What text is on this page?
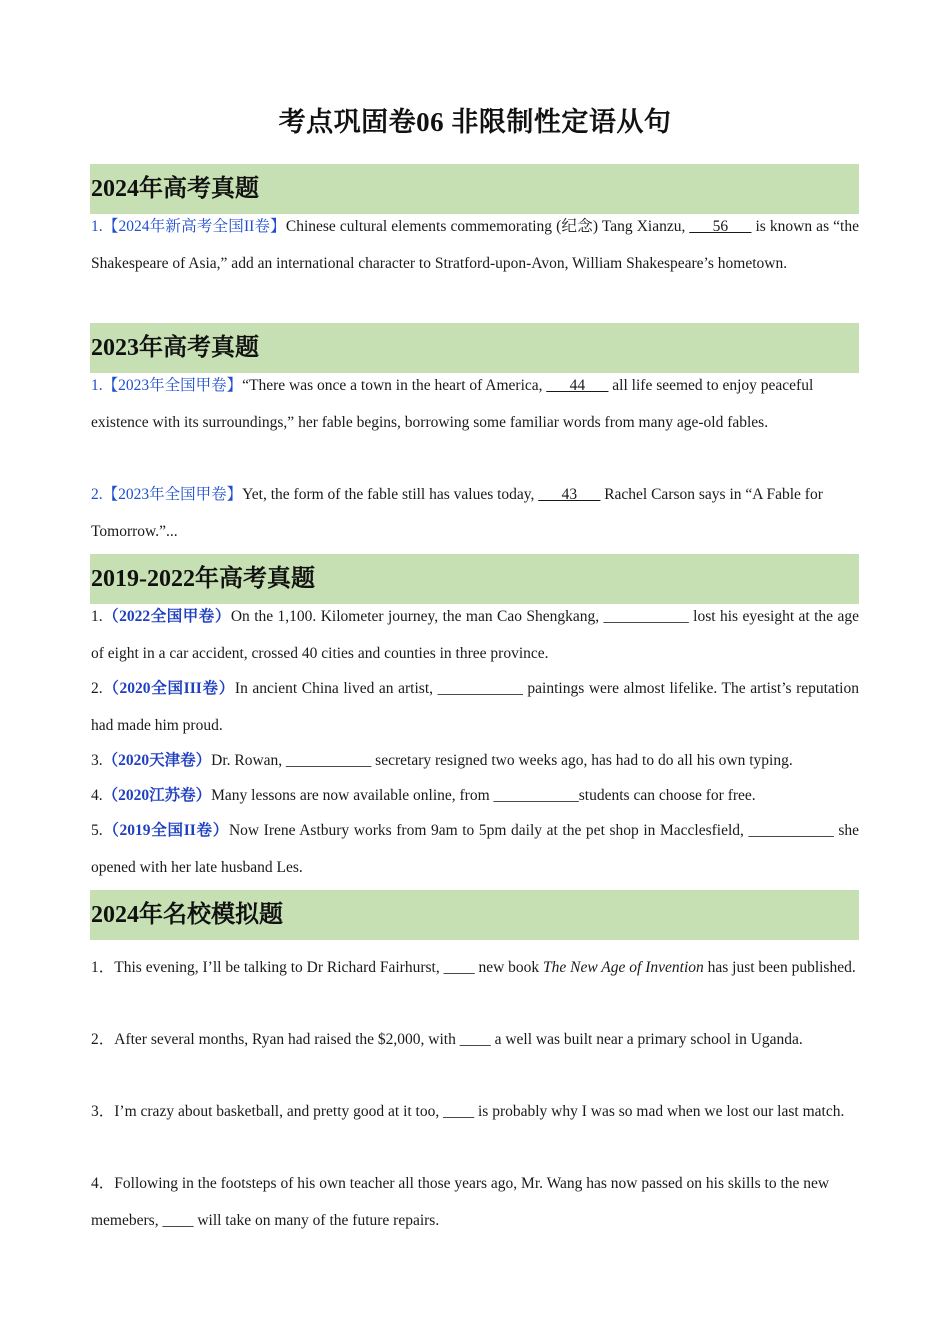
考点巩固卷06 非限制性定语从句
2024年高考真题
1.【2024年新高考全国II卷】Chinese cultural elements commemorating (纪念) Tang Xianzu, ___56___ is known as “the Shakespeare of Asia,” add an international character to Stratford-upon-Avon, William Shakespeare’s hometown.
2023年高考真题
1.【2023年全国甲卷】“There was once a town in the heart of America, ___44___ all life seemed to enjoy peaceful existence with its surroundings,” her fable begins, borrowing some familiar words from many age-old fables.
2.【2023年全国甲卷】Yet, the form of the fable still has values today, ___43___ Rachel Carson says in “A Fable for Tomorrow.”...
2019-2022年高考真题
1.（2022全国甲卷）On the 1,100. Kilometer journey, the man Cao Shengkang, ___________ lost his eyesight at the age of eight in a car accident, crossed 40 cities and counties in three province.
2.（2020全国III卷）In ancient China lived an artist, ___________ paintings were almost lifelike. The artist’s reputation had made him proud.
3.（2020天津卷）Dr. Rowan, ___________ secretary resigned two weeks ago, has had to do all his own typing.
4.（2020江苏卷）Many lessons are now available online, from ___________students can choose for free.
5.（2019全国II卷）Now Irene Astbury works from 9am to 5pm daily at the pet shop in Macclesfield, ___________ she opened with her late husband Les.
2024年名校模拟题
1．This evening, I’ll be talking to Dr Richard Fairhurst, ____ new book The New Age of Invention has just been published.
2．After several months, Ryan had raised the $2,000, with ____ a well was built near a primary school in Uganda.
3．I’m crazy about basketball, and pretty good at it too, ____ is probably why I was so mad when we lost our last match.
4．Following in the footsteps of his own teacher all those years ago, Mr. Wang has now passed on his skills to the new memebers, ____ will take on many of the future repairs.
